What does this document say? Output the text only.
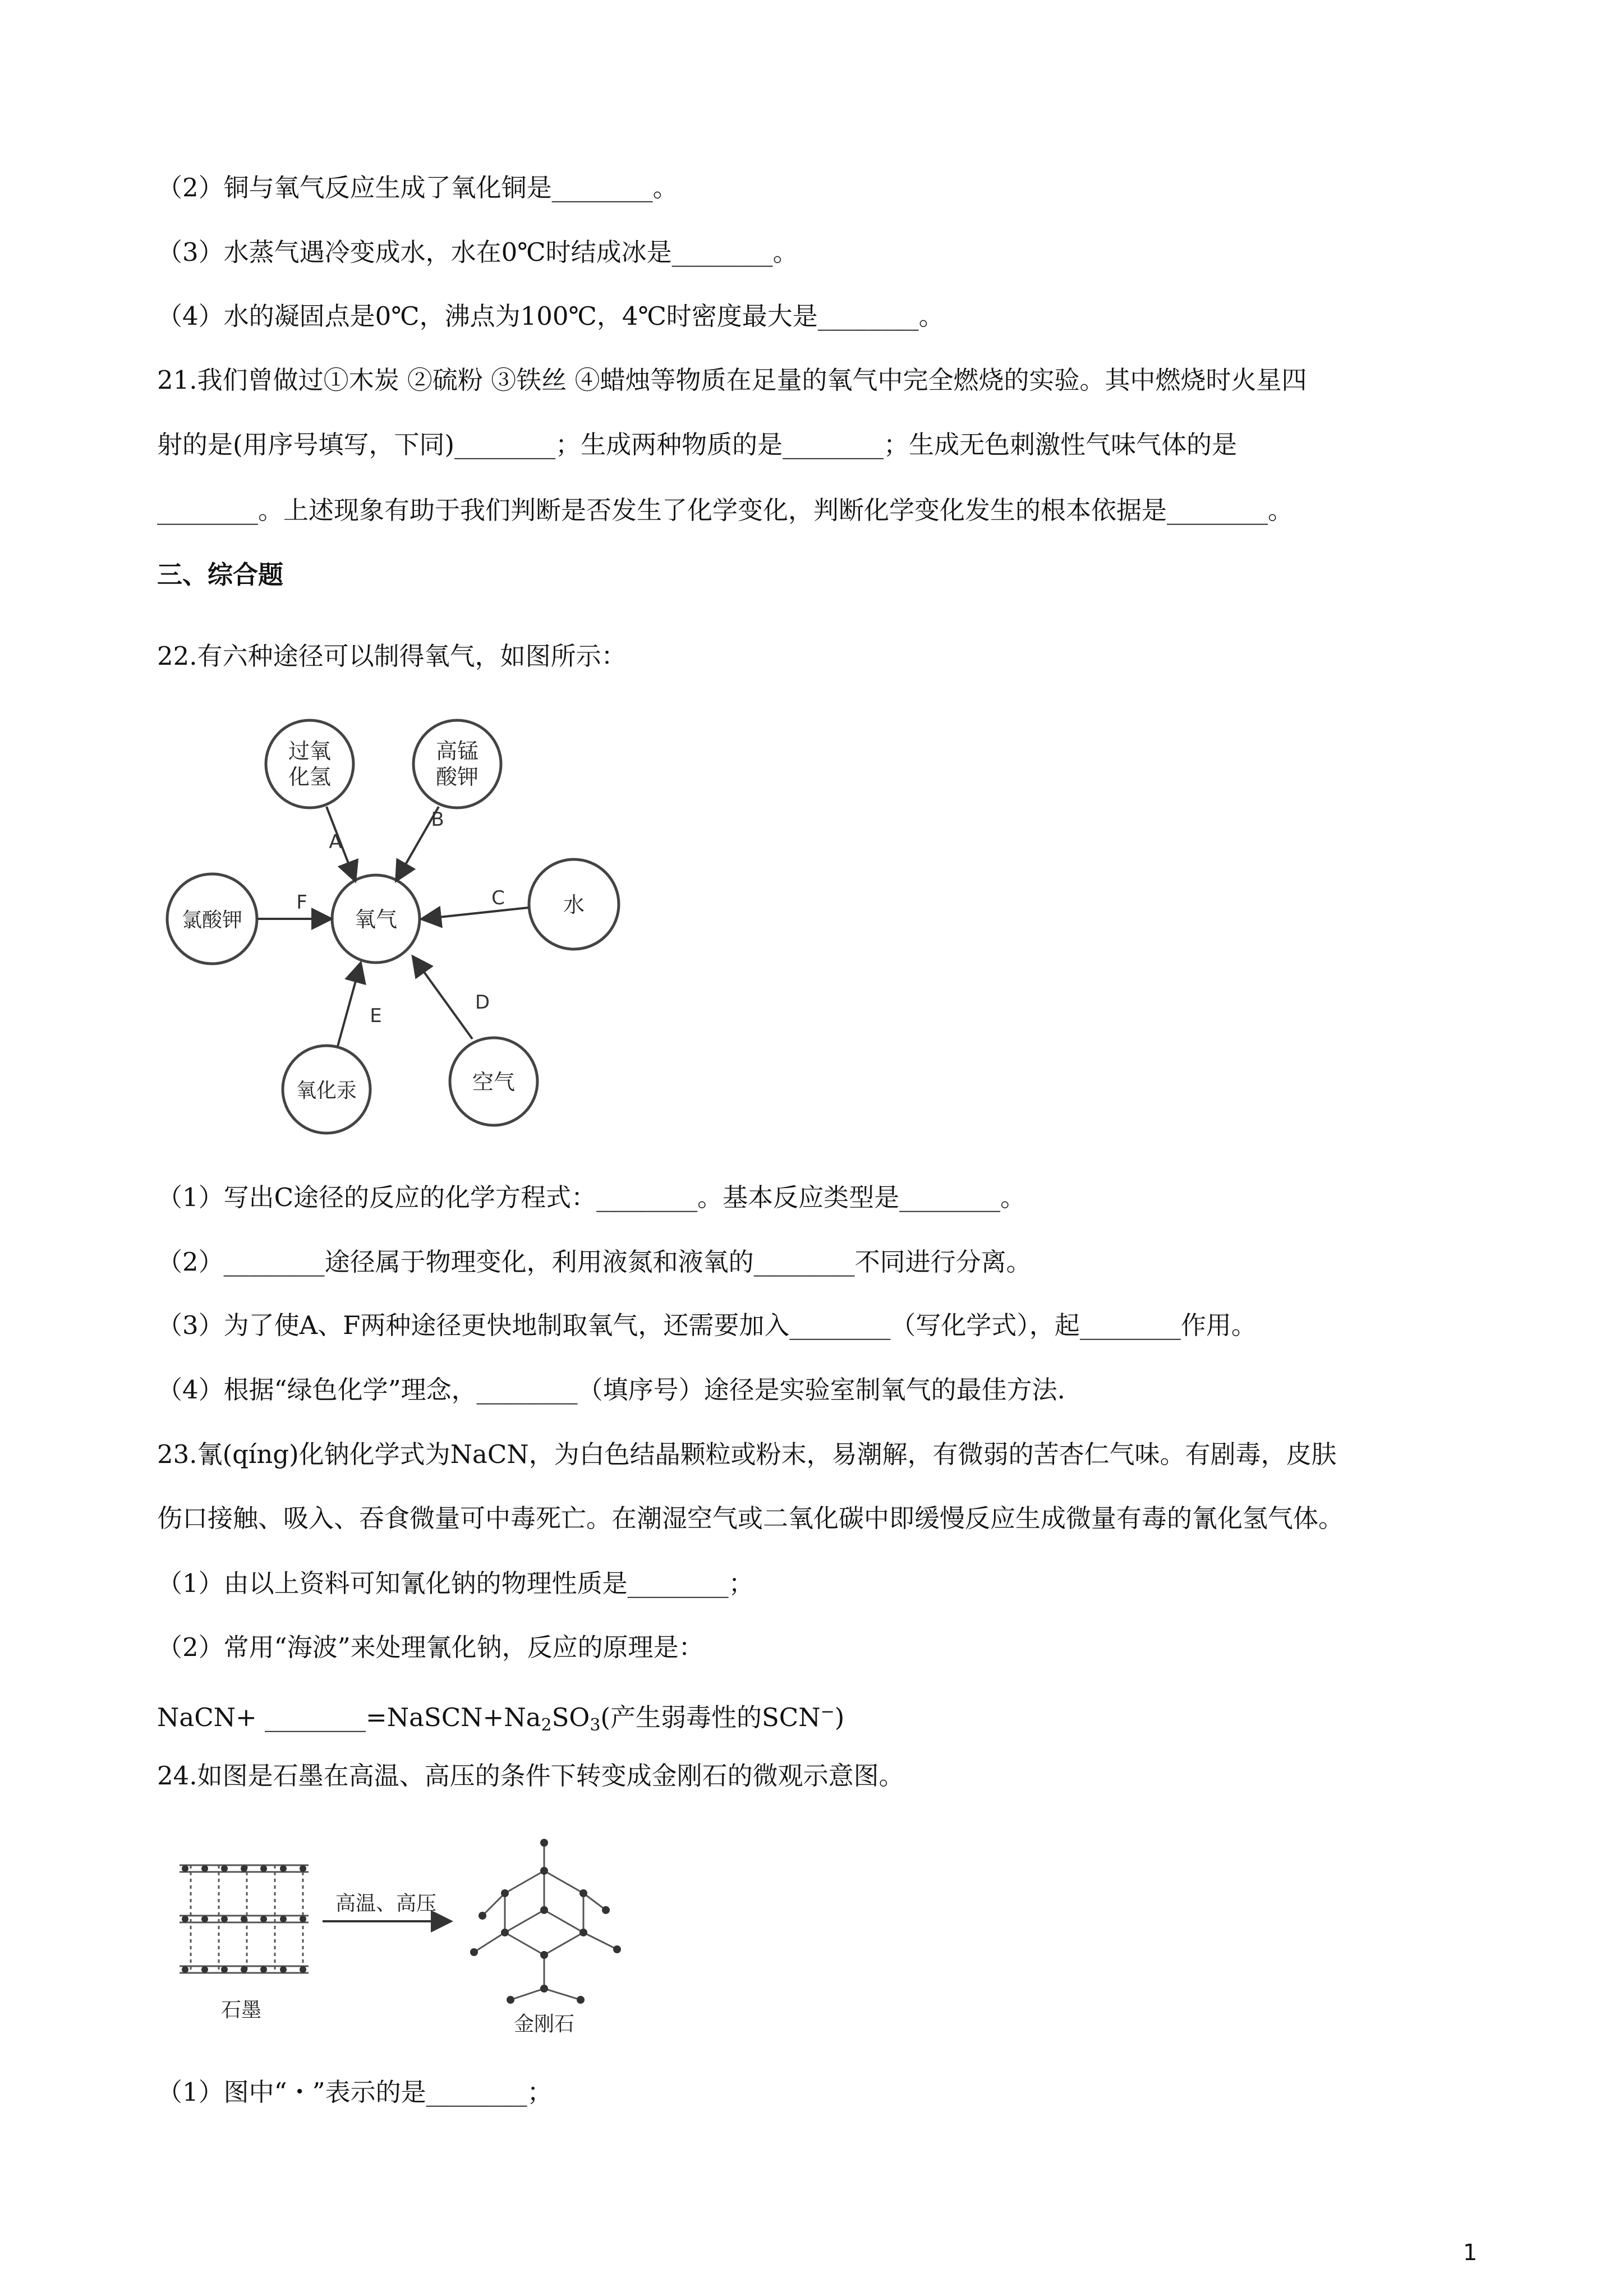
（2）铜与氧气反应生成了氧化铜是________。
（3）水蒸气遇冷变成水，水在0℃时结成冰是________。
（4）水的凝固点是0℃，沸点为100℃，4℃时密度最大是________。
21.我们曾做过①木炭 ②硫粉 ③铁丝 ④蜡烛等物质在足量的氧气中完全燃烧的实验。其中燃烧时火星四
射的是(用序号填写，下同)________；生成两种物质的是________；生成无色刺激性气味气体的是
________。上述现象有助于我们判断是否发生了化学变化，判断化学变化发生的根本依据是________。
三、综合题
22.有六种途径可以制得氧气，如图所示：
氧气
过氧
化氢
高锰
酸钾
氯酸钾
水
氧化汞	空气
A
B
C
D
E
F
（1）写出C途径的反应的化学方程式：________。基本反应类型是________。
（2）________途径属于物理变化，利用液氮和液氧的________不同进行分离。
（3）为了使A、F两种途径更快地制取氧气，还需要加入________（写化学式），起________作用。
（4）根据“绿色化学”理念，________（填序号）途径是实验室制氧气的最佳方法.
23.氰(qíng)化钠化学式为NaCN，为白色结晶颗粒或粉末，易潮解，有微弱的苦杏仁气味。有剧毒，皮肤
伤口接触、吸入、吞食微量可中毒死亡。在潮湿空气或二氧化碳中即缓慢反应生成微量有毒的氰化氢气体。
（1）由以上资料可知氰化钠的物理性质是________；
（2）常用“海波”来处理氰化钠，反应的原理是：
NaCN+ $\_\_\_\_\_\_\_\_=NaSCN+Na_2SO_3$(产生弱毒性的SCN−)
24.如图是石墨在高温、高压的条件下转变成金刚石的微观示意图。
高温、高压
石墨
金刚石
（1）图中“・”表示的是________；
1
